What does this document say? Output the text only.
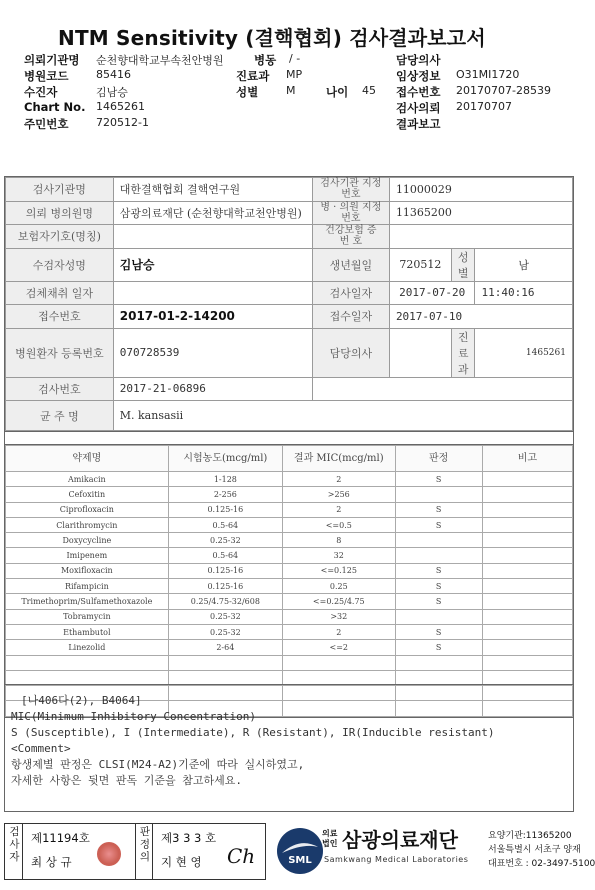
NTM Sensitivity (결핵협회) 검사결과보고서
의뢰기관명 순천향대학교부속천안병원	병동 / -	담당의사
병원코드	85416	진료과 MP	임상정보 O31MI1720
수진자	김남승	성별	M	나이 45 접수번호 20170707-28539
Chart No. 1465261	검사의뢰 20170707
주민번호	720512-1	결과보고
검사기관명	대한결핵협회 결핵연구원	검사기관 지정번호	11000029		
의뢰 병의원명	삼광의료재단 (순천향대학교천안병원)	병 · 의원 지정번호	11365200		
보험자기호(명칭)		건강보험 증 번 호			
수검자성명	김남승	생년월일	720512	성별	남
검체채취 일자		검사일자	2017-07-20		11:40:16
접수번호	2017-01-2-14200	접수일자	2017-07-10		
병원환자 등록번호	070728539	담당의사		진료과	1465261
검사번호	2017-21-06896				
균 주 명	M. kansasii				
약제명	시험농도(mcg/ml)	결과 MIC(mcg/ml)	판정	비고
Amikacin	1-128	2	S	
Cefoxitin	2-256	>256		
Ciprofloxacin	0.125-16	2	S	
Clarithromycin	0.5-64	<=0.5	S	
Doxycycline	0.25-32	8		
Imipenem	0.5-64	32		
Moxifloxacin	0.125-16	<=0.125	S	
Rifampicin	0.125-16	0.25	S	
Trimethoprim/Sulfamethoxazole	0.25/4.75-32/608	<=0.25/4.75	S	
Tobramycin	0.25-32	>32		
Ethambutol	0.25-32	2	S	
Linezolid	2-64	<=2	S	

[나406다(2), B4064]
MIC(Minimum Inhibitory Concentration)
S (Susceptible), I (Intermediate), R (Resistant), IR(Inducible resistant)
<Comment>
항생제별 판정은 CLSI(M24-A2)기준에 따라 실시하였고,
자세한 사항은 뒷면 판독 기준을 참고하세요.
검사자 제11194호
최 상 규	판정의 제3 3 3 호
지 현 영 Ch	SML
의료
법인 삼광의료재단
Samkwang Medical Laboratories
요양기관:11365200
서울특별시 서초구 양재
대표번호 : 02-3497-5100
